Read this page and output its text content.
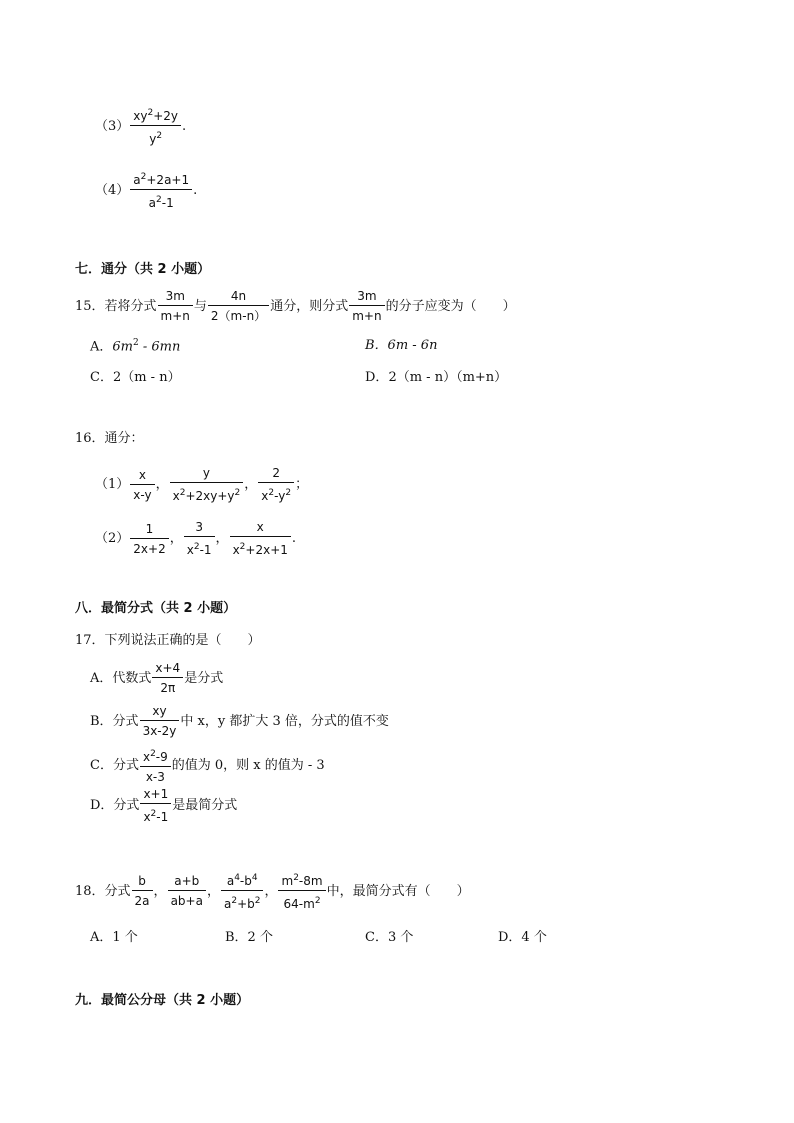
$(3) \frac{xy^2+2y}{y^2}$ .
$(4) \frac{a^2+2a+1}{a^2-1}$ .
七．通分（共 2 小题）
15．若将分式 $\frac{3m}{m+n}$ 与 $\frac{4n}{2(m-n)}$ 通分，则分式 $\frac{3m}{m+n}$ 的分子应变为（　　）
A．$6m^2 - 6mn$	B．6m - 6n
C．2（m - n）	D．2（m - n）（m+n）
16．通分：
$(1) \frac{x}{x-y}$ ， $\frac{y}{x^2+2xy+y^2}$ ， $\frac{2}{x^2-y^2}$ ；
$(2) \frac{1}{2x+2}$ ， $\frac{3}{x^2-1}$ ， $\frac{x}{x^2+2x+1}$ .
八．最简分式（共 2 小题）
17．下列说法正确的是（　　）
A．代数式 $\frac{x+4}{2\pi}$ 是分式
B．分式 $\frac{xy}{3x-2y}$ 中 x，y 都扩大 3 倍，分式的值不变
C．分式 $\frac{x^2-9}{x-3}$ 的值为 0，则 x 的值为 - 3
D．分式 $\frac{x+1}{x^2-1}$ 是最简分式
18．分式 $\frac{b}{2a}$ ， $\frac{a+b}{ab+a}$ ， $\frac{a^4-b^4}{a^2+b^2}$ ， $\frac{m^2-8m}{64-m^2}$ 中，最简分式有（　　）
A．1 个	B．2 个	C．3 个	D．4 个
九．最简公分母（共 2 小题）
